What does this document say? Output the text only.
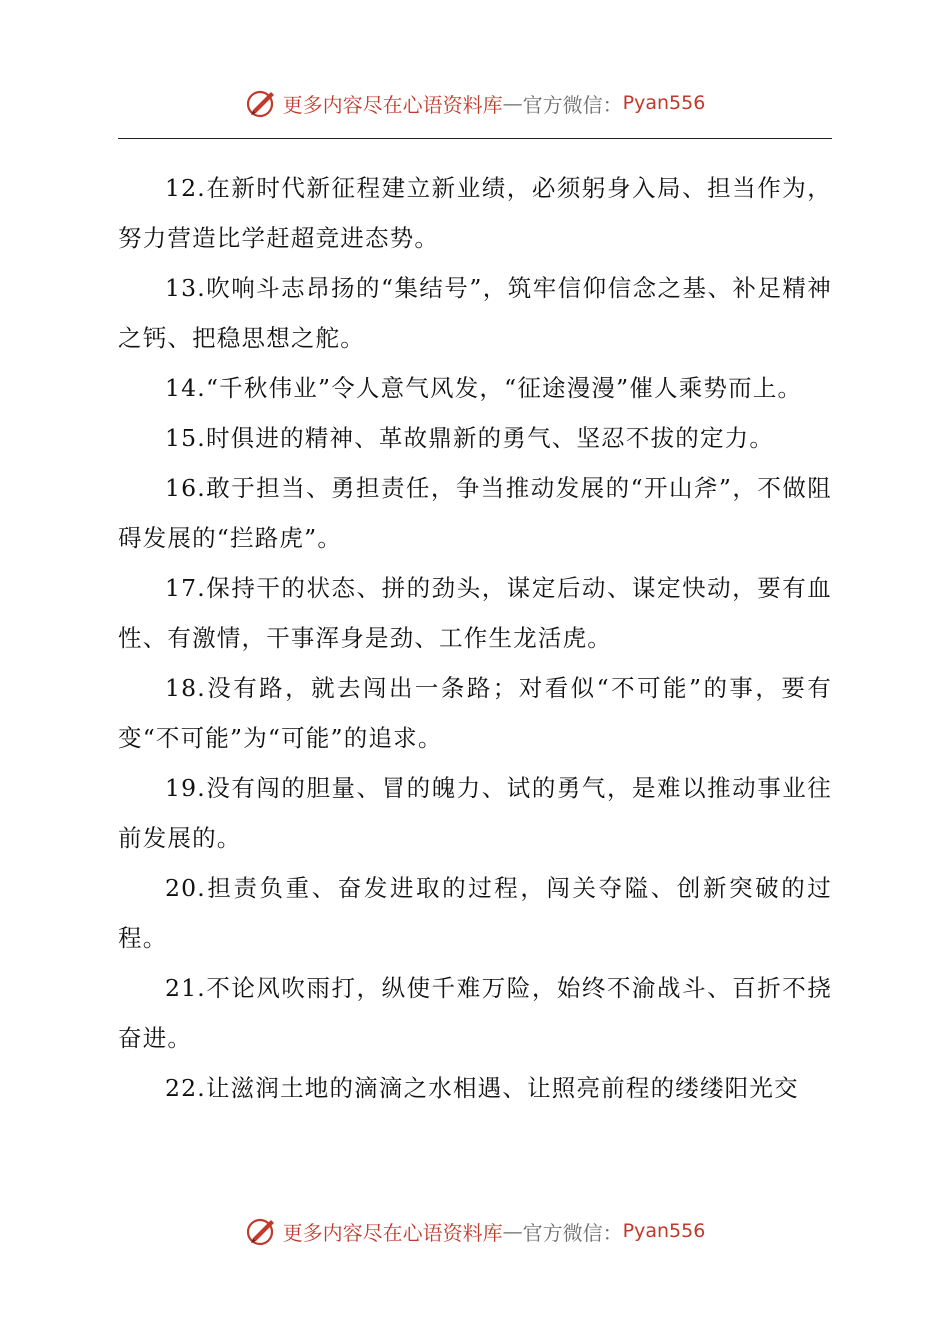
更多内容尽在心语资料库 — 官方微信： Pyan556

12.在新时代新征程建立新业绩，必须躬身入局、担当作为，努力营造比学赶超竞进态势。

13.吹响斗志昂扬的“集结号”，筑牢信仰信念之基、补足精神之钙、把稳思想之舵。

14.“千秋伟业”令人意气风发，“征途漫漫”催人乘势而上。

15.时俱进的精神、革故鼎新的勇气、坚忍不拔的定力。

16.敢于担当、勇担责任，争当推动发展的“开山斧”，不做阻碍发展的“拦路虎”。

17.保持干的状态、拼的劲头，谋定后动、谋定快动，要有血性、有激情，干事浑身是劲、工作生龙活虎。

18.没有路，就去闯出一条路；对看似“不可能”的事，要有变“不可能”为“可能”的追求。

19.没有闯的胆量、冒的魄力、试的勇气，是难以推动事业往前发展的。

20.担责负重、奋发进取的过程，闯关夺隘、创新突破的过程。

21.不论风吹雨打，纵使千难万险，始终不渝战斗、百折不挠奋进。

22.让滋润土地的滴滴之水相遇、让照亮前程的缕缕阳光交

更多内容尽在心语资料库 — 官方微信： Pyan556
